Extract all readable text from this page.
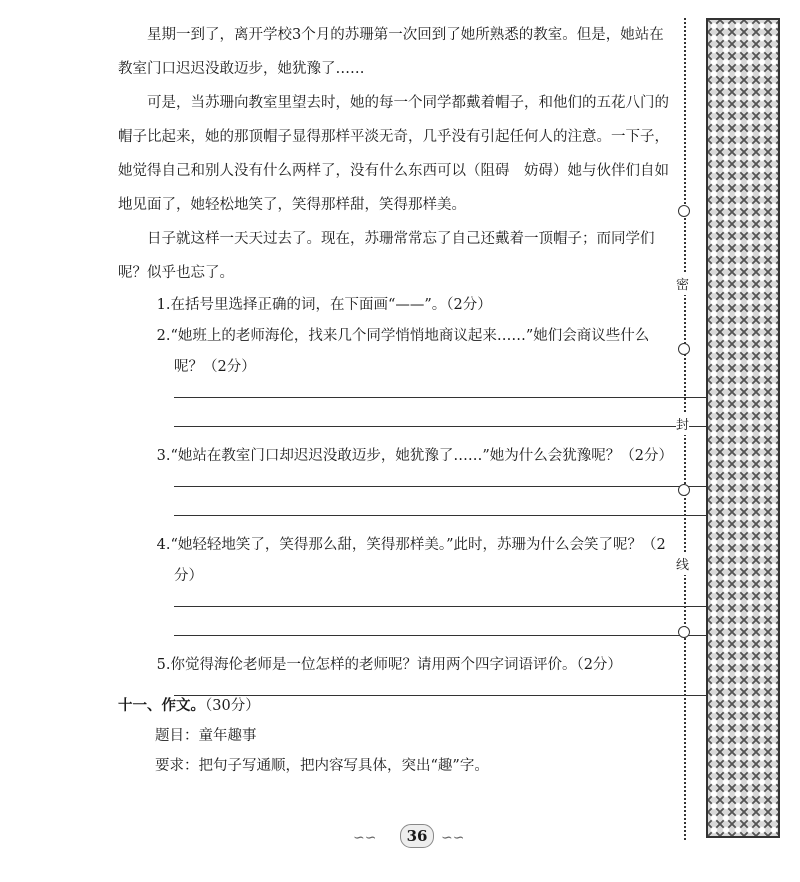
星期一到了，离开学校3个月的苏珊第一次回到了她所熟悉的教室。但是，她站在教室门口迟迟没敢迈步，她犹豫了……

可是，当苏珊向教室里望去时，她的每一个同学都戴着帽子，和他们的五花八门的帽子比起来，她的那顶帽子显得那样平淡无奇，几乎没有引起任何人的注意。一下子，她觉得自己和别人没有什么两样了，没有什么东西可以（阻碍　妨碍）她与伙伴们自如地见面了，她轻松地笑了，笑得那样甜，笑得那样美。

日子就这样一天天过去了。现在，苏珊常常忘了自己还戴着一顶帽子；而同学们呢？似乎也忘了。

1.在括号里选择正确的词，在下面画“——”。（2分）

2.“她班上的老师海伦，找来几个同学悄悄地商议起来……”她们会商议些什么呢？（2分）

3.“她站在教室门口却迟迟没敢迈步，她犹豫了……”她为什么会犹豫呢？（2分）

4.“她轻轻地笑了，笑得那么甜，笑得那样美。”此时，苏珊为什么会笑了呢？（2分）

5.你觉得海伦老师是一位怎样的老师呢？请用两个四字词语评价。（2分）

十一、作文。（30分）
题目：童年趣事
要求：把句子写通顺，把内容写具体，突出“趣”字。
密
封
线
∽∽	36 ∽∽
